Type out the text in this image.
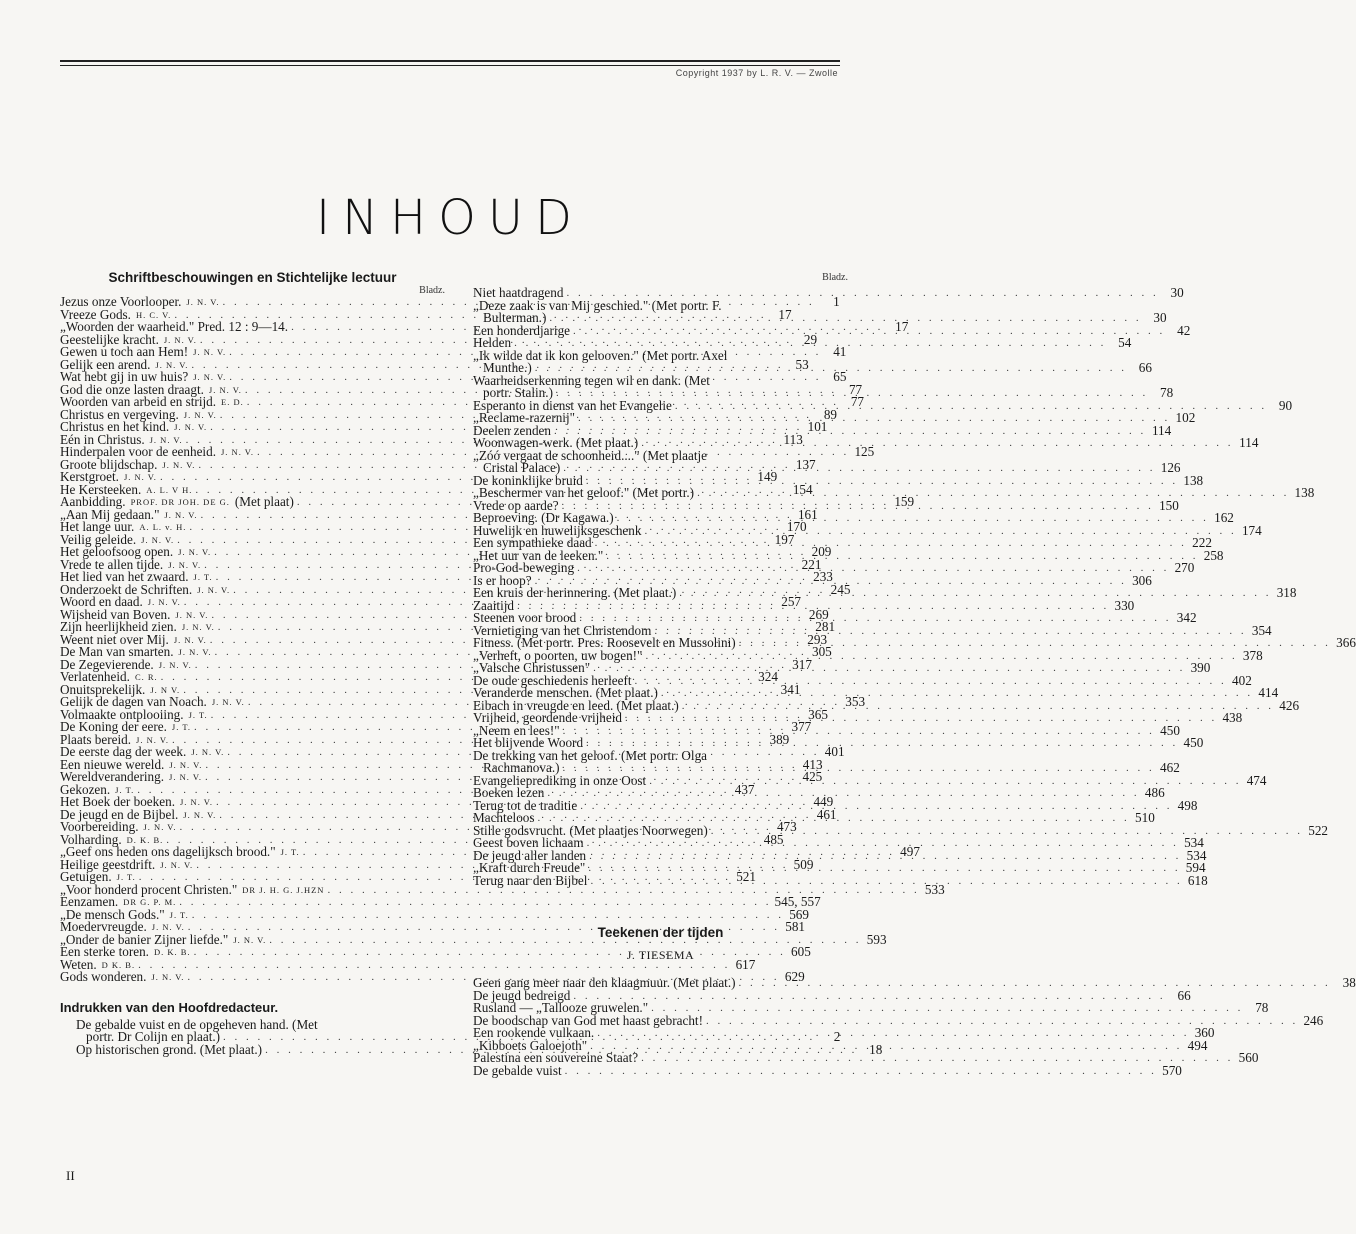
Copyright 1937 by L. R. V. — Zwolle
INHOUD
Schriftbeschouwingen en Stichtelijke lectuur
Bladz.
Jezus onze Voorlooper. J. N. V. . . .	1
Vreeze Gods. H. C. V. . . .	17
„Woorden der waarheid." Pred. 12 : 9—14. . . .	17
Geestelijke kracht. J. N. V. . . .	29
Gewen u toch aan Hem! J. N. V. . . .	41
Gelijk een arend. J. N. V. . . .	53
Wat hebt gij in uw huis? J. N. V. . . .	65
God die onze lasten draagt. J. N. V. . . .	77
Woorden van arbeid en strijd. E. D. . . .	77
Christus en vergeving. J. N. V. . . .	89
Christus en het kind. J. N. V. . . .	101
Eén in Christus. J. N. V. . . .	113
Hinderpalen voor de eenheid. J. N. V. . . .	125
Groote blijdschap. J. N. V. . . .	137
Kerstgroet. J. N. V. . . .	149
He Kersteeken. A. L. V H. . . .	154
Aanbidding. PROF. DR JOH. DE G. (Met plaat) . . .	159
„Aan Mij gedaan." J. N. V. . . .	161
Het lange uur. A. L. v. H. . . .	170
Veilig geleide. J. N. V. . . .	197
Het geloofsoog open. J. N. V. . . .	209
Vrede te allen tijde. J. N. V. . . .	221
Het lied van het zwaard. J. T. . . .	233
Onderzoekt de Schriften. J. N. V. . . .	245
Woord en daad. J. N. V. . . .	257
Wijsheid van Boven. J. N. V. . . .	269
Zijn heerlijkheid zien. J. N. V. . . .	281
Weent niet over Mij. J. N. V. . . .	293
De Man van smarten. J. N. V. . . .	305
De Zegevierende. J. N. V. . . .	317
Verlatenheid. C. R. . . .	324
Onuitsprekelijk. J. N V. . . .	341
Gelijk de dagen van Noach. J. N. V. . . .	353
Volmaakte ontplooiing. J. T. . . .	365
De Koning der eere. J. T. . . .	377
Plaats bereid. J. N. V. . . .	389
De eerste dag der week. J. N. V. . . .	401
Een nieuwe wereld. J. N. V. . . .	413
Wereldverandering. J. N. V. . . .	425
Gekozen. J. T. . . .	437
Het Boek der boeken. J. N. V. . . .	449
De jeugd en de Bijbel. J. N. V. . . .	461
Voorbereiding. J. N. V. . . .	473
Volharding. D. K. B. . . .	485
„Geef ons heden ons dagelijksch brood." J. T. . . .	497
Heilige geestdrift. J. N. V. . . .	509
Getuigen. J. T. . . .	521
„Voor honderd procent Christen." DR J. H. G. J.HZN . . .	533
Eenzamen. DR G. P. M. . . .	545, 557
„De mensch Gods." J. T. . . .	569
Moedervreugde. J. N. V. . . .	581
„Onder de banier Zijner liefde." J. N. V. . . .	593
Een sterke toren. D. K. B. . . .	605
Weten. D K. B. . . .	617
Gods wonderen. J. N. V. . . .	629
Indrukken van den Hoofdredacteur.
De gebalde vuist en de opgeheven hand. (Met
portr. Dr Colijn en plaat.) . . .	2
Op historischen grond. (Met plaat.) . . .	18
Bladz.
Niet haatdragend . . .	30
„Deze zaak is van Mij geschied." (Met portr. F.
Bulterman.) . . .	30
Een honderdjarige . . .	42
Helden . . .	54
„Ik wilde dat ik kon gelooven." (Met portr. Axel
Munthe.) . . .	66
Waarheidserkenning tegen wil en dank. (Met
portr. Stalin.) . . .	78
Esperanto in dienst van het Evangelie . . .	90
„Reclame-razernij" . . .	102
Deelen zenden . . .	114
Woonwagen-werk. (Met plaat.) . . .	114
„Zóó vergaat de schoonheid...." (Met plaatje
Cristal Palace) . . .	126
De koninklijke bruid . . .	138
„Beschermer van het geloof." (Met portr.) . . .	138
Vrede op aarde? . . .	150
Beproeving. (Dr Kagawa.) . . .	162
Huwelijk en huwelijksgeschenk . . .	174
Een sympathieke daad . . .	222
„Het uur van de leeken." . . .	258
Pro-God-beweging . . .	270
Is er hoop? . . .	306
Een kruis der herinnering. (Met plaat.) . . .	318
Zaaitijd . . .	330
Steenen voor brood . . .	342
Vernietiging van het Christendom . . .	354
Fitness. (Met portr. Pres. Roosevelt en Mussolini) . . .	366
„Verheft, o poorten, uw bogen!" . . .	378
„Valsche Christussen" . . .	390
De oude geschiedenis herleeft . . .	402
Veranderde menschen. (Met plaat.) . . .	414
Eibach in vreugde en leed. (Met plaat.) . . .	426
Vrijheid, geordende vrijheid . . .	438
„Neem en lees!" . . .	450
Het blijvende Woord . . .	450
De trekking van het geloof. (Met portr. Olga
Rachmanova.) . . .	462
Evangelieprediking in onze Oost . . .	474
Boeken lezen . . .	486
Terug tot de traditie . . .	498
Machteloos . . .	510
Stille godsvrucht. (Met plaatjes Noorwegen) . . .	522
Geest boven lichaam . . .	534
De jeugd aller landen . . .	534
„Kraft durch Freude" . . .	594
Terug naar den Bijbel . . .	618
Teekenen der tijden
J. TIESEMA
Geen gang meer naar den klaagmuur. (Met plaat.) . . .	38
De jeugd bedreigd . . .	66
Rusland — „Tallooze gruwelen." . . .	78
De boodschap van God met haast gebracht! . . .	246
Een rookende vulkaan. . . .	360
„Kibboets Galoejoth" . . .	494
Palestina een souvereine Staat? . . .	560
De gebalde vuist . . .	570
II
